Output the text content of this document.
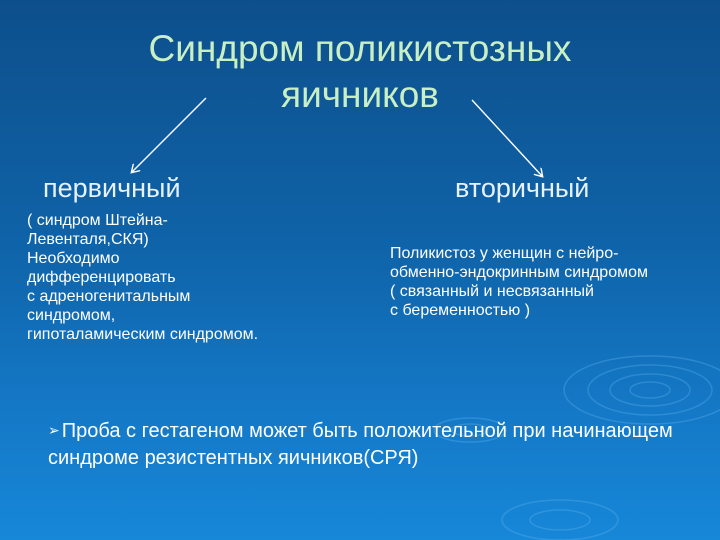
Синдром поликистозных
яичников
первичный	вторичный
( синдром Штейна-
Левенталя,СКЯ)
Необходимо
дифференцировать
с адреногенитальным
синдромом,
гипоталамическим синдромом.
Поликистоз у женщин с нейро-
обменно-эндокринным синдромом
( связанный и несвязанный
с беременностью )
➢ Проба с гестагеном может быть положительной при начинающем синдроме резистентных яичников(СРЯ)
